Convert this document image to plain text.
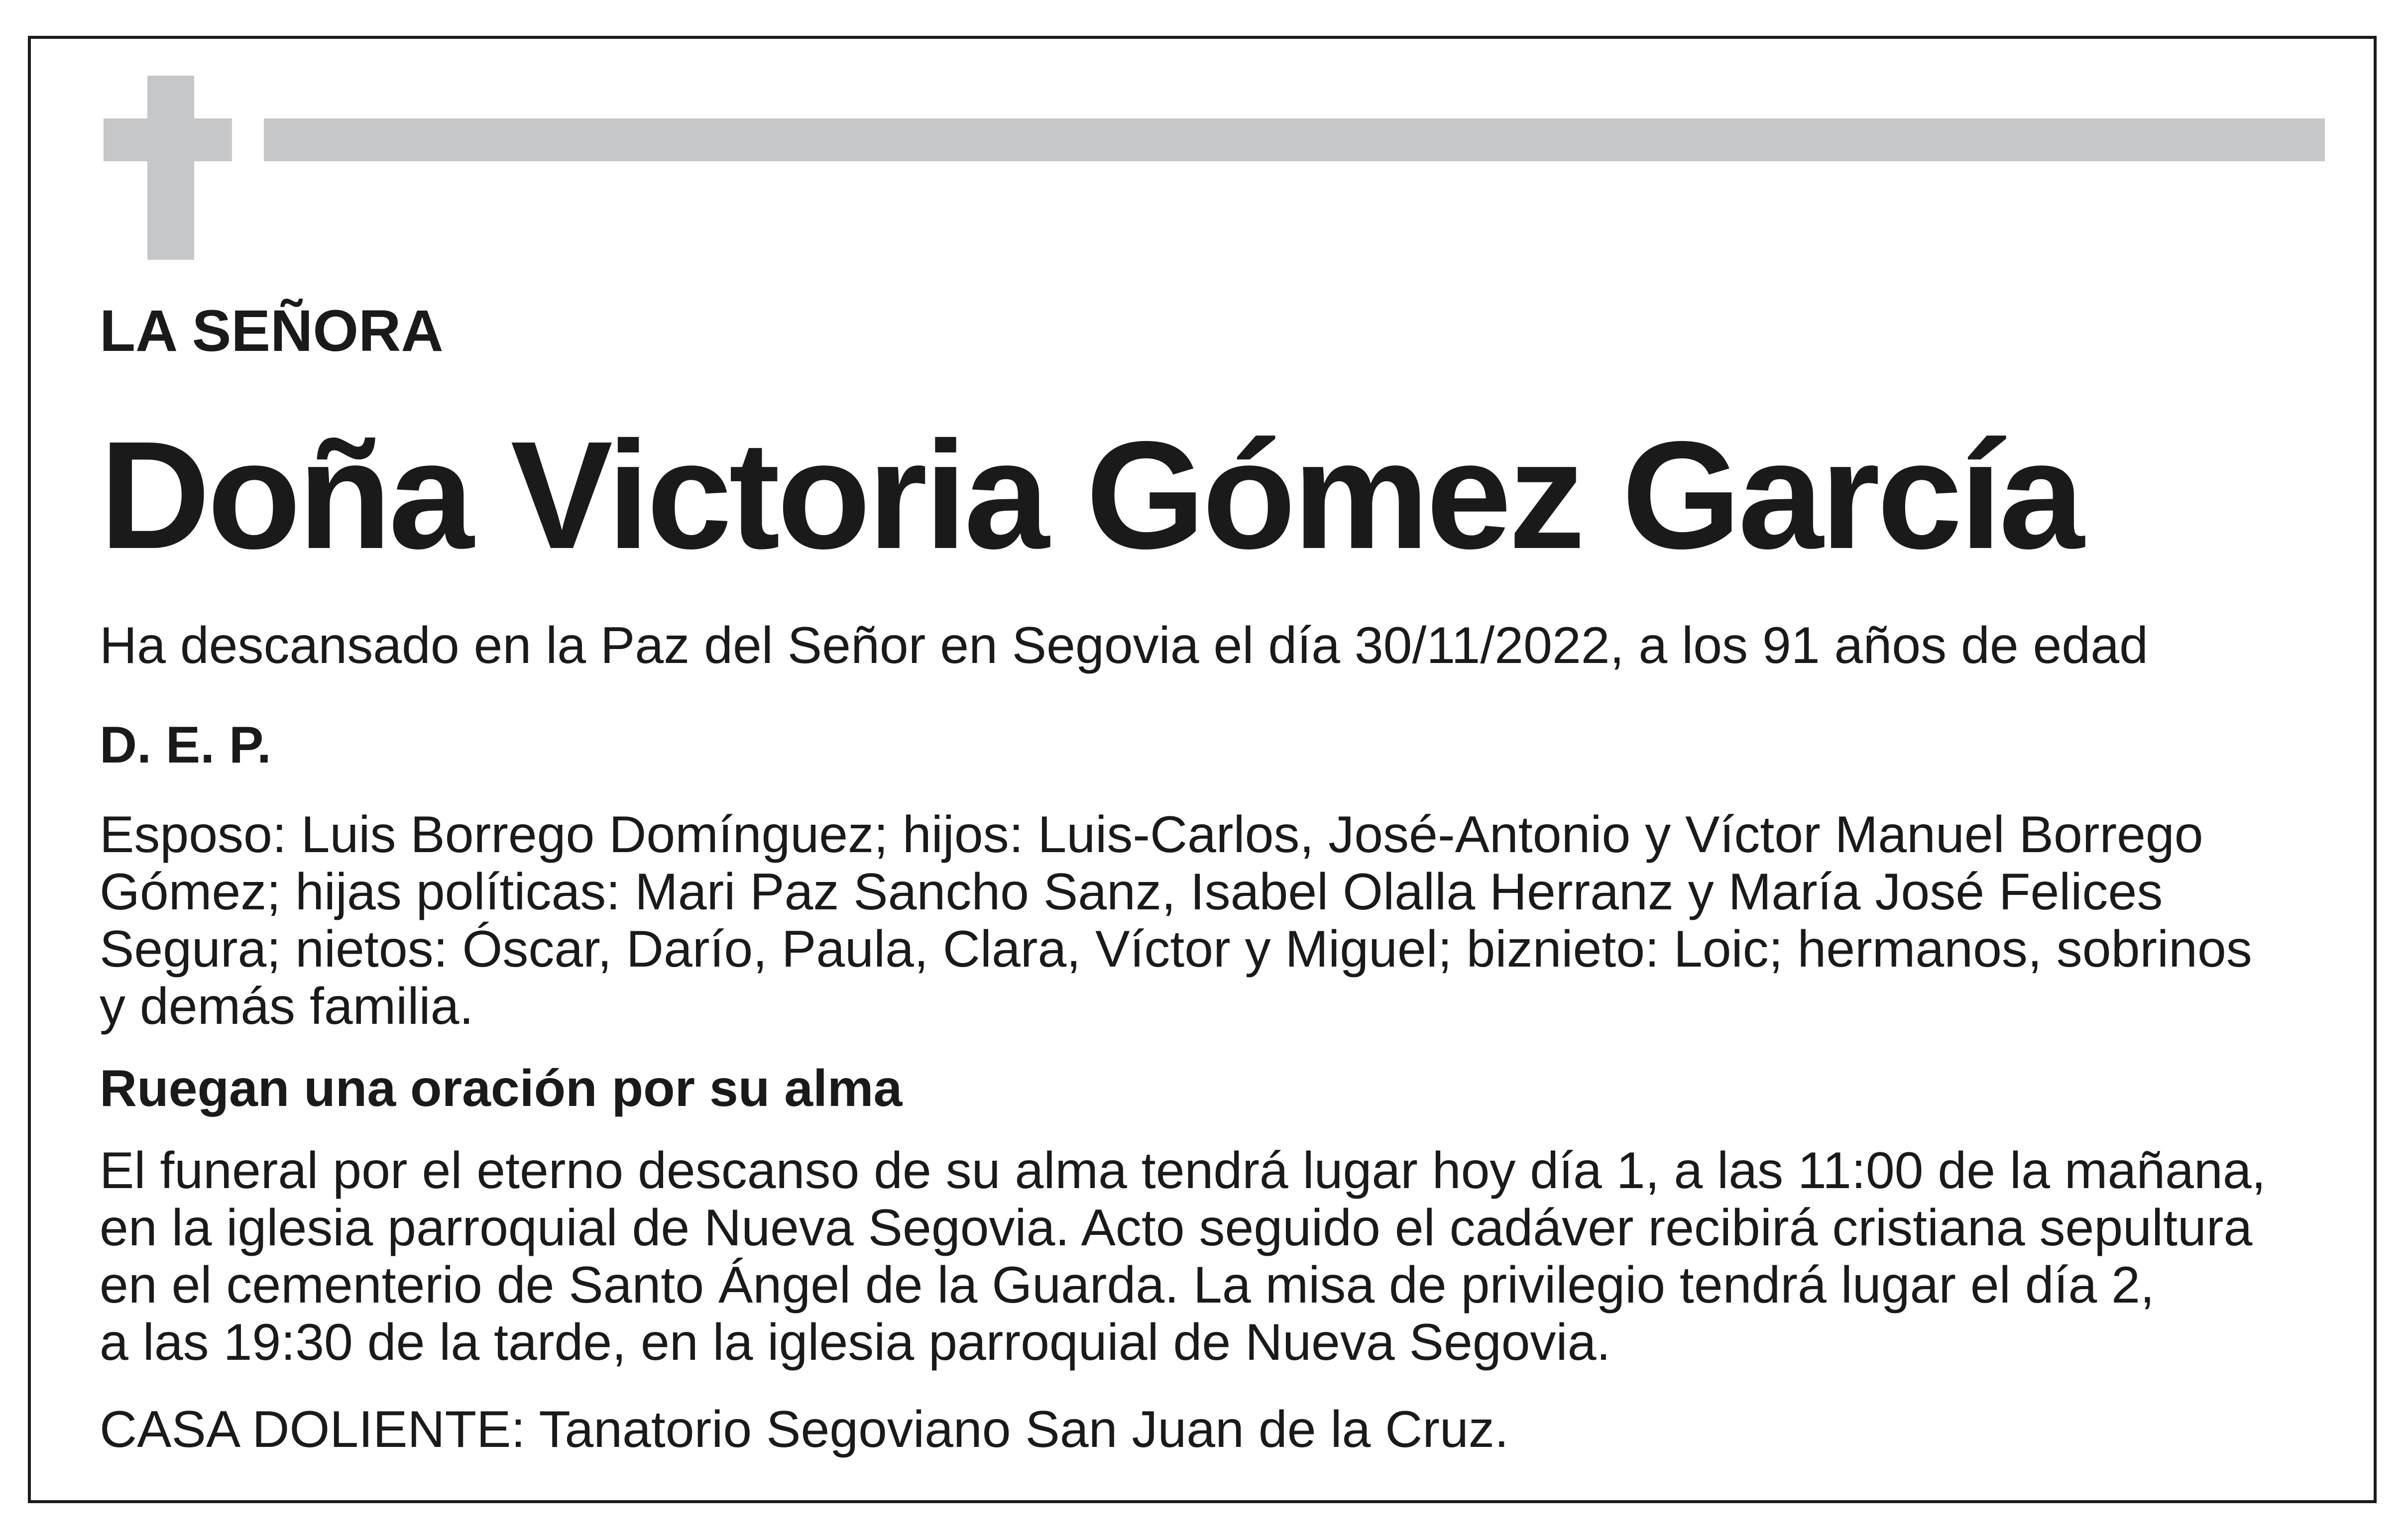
LA SEÑORA

Doña Victoria Gómez García

Ha descansado en la Paz del Señor en Segovia el día 30/11/2022, a los 91 años de edad

D. E. P.

Esposo: Luis Borrego Domínguez; hijos: Luis-Carlos, José-Antonio y Víctor Manuel Borrego
Gómez; hijas políticas: Mari Paz Sancho Sanz, Isabel Olalla Herranz y María José Felices
Segura; nietos: Óscar, Darío, Paula, Clara, Víctor y Miguel; biznieto: Loic; hermanos, sobrinos
y demás familia.

Ruegan una oración por su alma

El funeral por el eterno descanso de su alma tendrá lugar hoy día 1, a las 11:00 de la mañana,
en la iglesia parroquial de Nueva Segovia. Acto seguido el cadáver recibirá cristiana sepultura
en el cementerio de Santo Ángel de la Guarda. La misa de privilegio tendrá lugar el día 2,
a las 19:30 de la tarde, en la iglesia parroquial de Nueva Segovia.

CASA DOLIENTE: Tanatorio Segoviano San Juan de la Cruz.
